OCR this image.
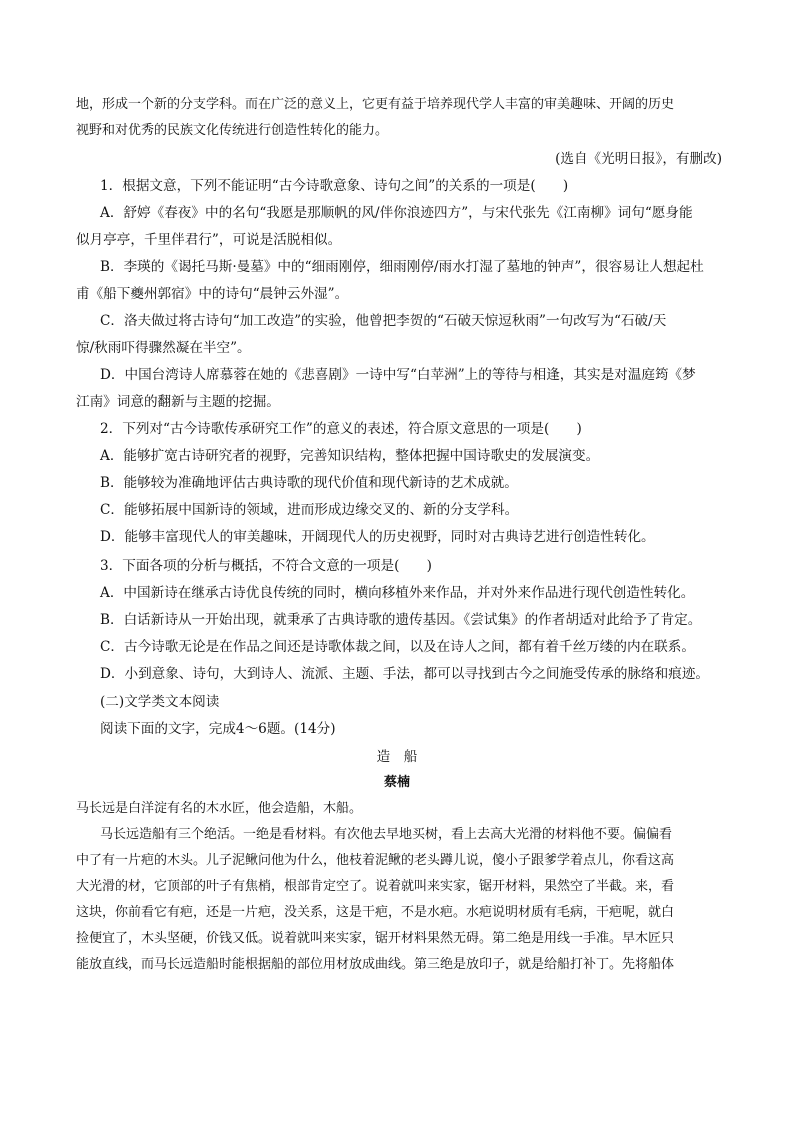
地，形成一个新的分支学科。而在广泛的意义上，它更有益于培养现代学人丰富的审美趣味、开阔的历史
视野和对优秀的民族文化传统进行创造性转化的能力。
(选自《光明日报》，有删改)
1．根据文意，下列不能证明“古今诗歌意象、诗句之间”的关系的一项是(　　)
A．舒婷《春夜》中的名句“我愿是那顺帆的风/伴你浪迹四方”，与宋代张先《江南柳》词句“愿身能
似月亭亭，千里伴君行”，可说是活脱相似。
B．李瑛的《谒托马斯·曼墓》中的“细雨刚停，细雨刚停/雨水打湿了墓地的钟声”，很容易让人想起杜
甫《船下夔州郭宿》中的诗句“晨钟云外湿”。
C．洛夫做过将古诗句“加工改造”的实验，他曾把李贺的“石破天惊逗秋雨”一句改写为“石破/天
惊/秋雨吓得骤然凝在半空”。
D．中国台湾诗人席慕蓉在她的《悲喜剧》一诗中写“白苹洲”上的等待与相逢，其实是对温庭筠《梦
江南》词意的翻新与主题的挖掘。
2．下列对“古今诗歌传承研究工作”的意义的表述，符合原文意思的一项是(　　)
A．能够扩宽古诗研究者的视野，完善知识结构，整体把握中国诗歌史的发展演变。
B．能够较为准确地评估古典诗歌的现代价值和现代新诗的艺术成就。
C．能够拓展中国新诗的领域，进而形成边缘交叉的、新的分支学科。
D．能够丰富现代人的审美趣味，开阔现代人的历史视野，同时对古典诗艺进行创造性转化。
3．下面各项的分析与概括，不符合文意的一项是(　　)
A．中国新诗在继承古诗优良传统的同时，横向移植外来作品，并对外来作品进行现代创造性转化。
B．白话新诗从一开始出现，就秉承了古典诗歌的遗传基因。《尝试集》的作者胡适对此给予了肯定。
C．古今诗歌无论是在作品之间还是诗歌体裁之间，以及在诗人之间，都有着千丝万缕的内在联系。
D．小到意象、诗句，大到诗人、流派、主题、手法，都可以寻找到古今之间施受传承的脉络和痕迹。
(二)文学类文本阅读
阅读下面的文字，完成4～6题。(14分)
造　船
蔡楠
马长远是白洋淀有名的木水匠，他会造船，木船。
马长远造船有三个绝活。一绝是看材料。有次他去早地买树，看上去高大光滑的材料他不要。偏偏看
中了有一片疤的木头。儿子泥鳅问他为什么，他枝着泥鳅的老头蹲儿说，傻小子跟爹学着点儿，你看这高
大光滑的材，它顶部的叶子有焦梢，根部肯定空了。说着就叫来实家，锯开材料，果然空了半截。来，看
这块，你前看它有疤，还是一片疤，没关系，这是干疤，不是水疤。水疤说明材质有毛病，干疤呢，就白
捡便宜了，木头坚硬，价钱又低。说着就叫来实家，锯开材料果然无碍。第二绝是用线一手准。早木匠只
能放直线，而马长远造船时能根据船的部位用材放成曲线。第三绝是放印子，就是给船打补丁。先将船体
